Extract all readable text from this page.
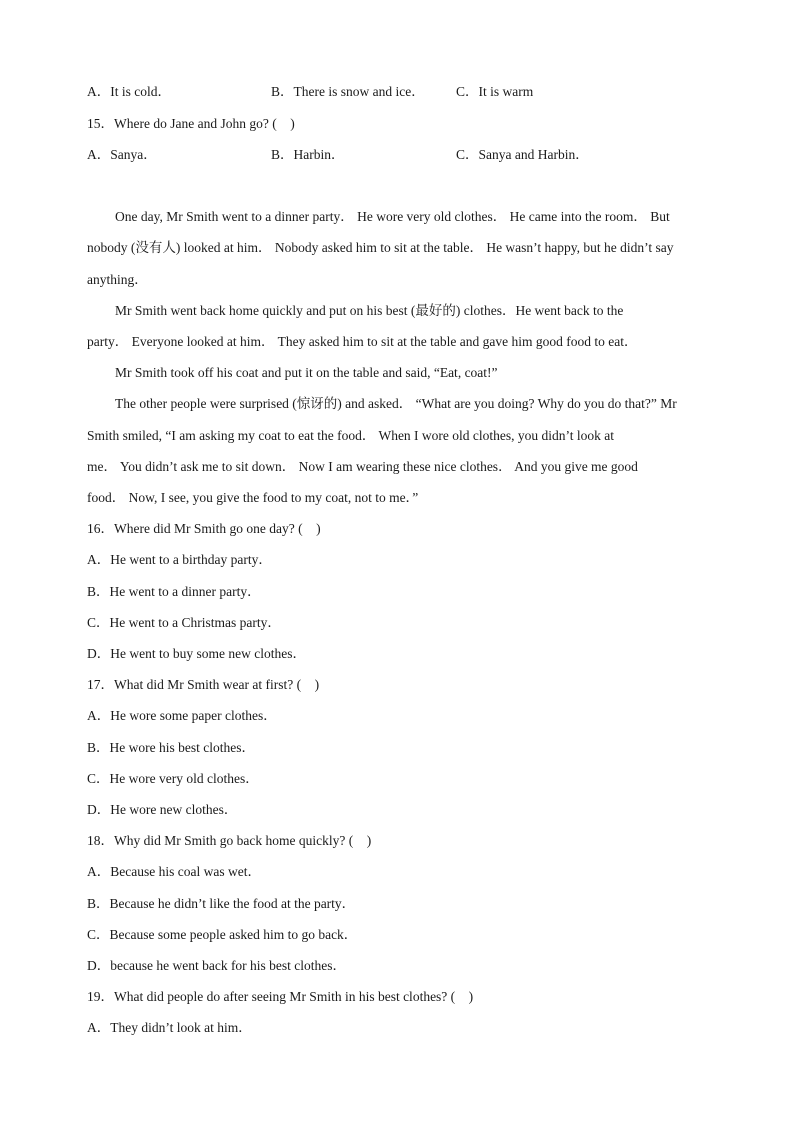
A．It is cold．	B．There is snow and ice． C．It is warm
15．Where do Jane and John go? (　)
A．Sanya．	B．Harbin．	C．Sanya and Harbin．
One day, Mr Smith went to a dinner party． He wore very old clothes． He came into the room． But
nobody (没有人) looked at him． Nobody asked him to sit at the table． He wasn’t happy, but he didn’t say
anything．
Mr Smith went back home quickly and put on his best (最好的) clothes．He went back to the
party． Everyone looked at him． They asked him to sit at the table and gave him good food to eat．
Mr Smith took off his coat and put it on the table and said, “Eat, coat!”
The other people were surprised (惊讶的) and asked． “What are you doing? Why do you do that?” Mr
Smith smiled, “I am asking my coat to eat the food． When I wore old clothes, you didn’t look at
me． You didn’t ask me to sit down． Now I am wearing these nice clothes． And you give me good
food． Now, I see, you give the food to my coat, not to me．”
16．Where did Mr Smith go one day? (　)
A．He went to a birthday party．
B．He went to a dinner party．
C．He went to a Christmas party．
D．He went to buy some new clothes．
17．What did Mr Smith wear at first? (　)
A．He wore some paper clothes．
B．He wore his best clothes．
C．He wore very old clothes．
D．He wore new clothes．
18．Why did Mr Smith go back home quickly? (　)
A．Because his coal was wet．
B．Because he didn’t like the food at the party．
C．Because some people asked him to go back．
D．because he went back for his best clothes．
19．What did people do after seeing Mr Smith in his best clothes? (　)
A．They didn’t look at him．
